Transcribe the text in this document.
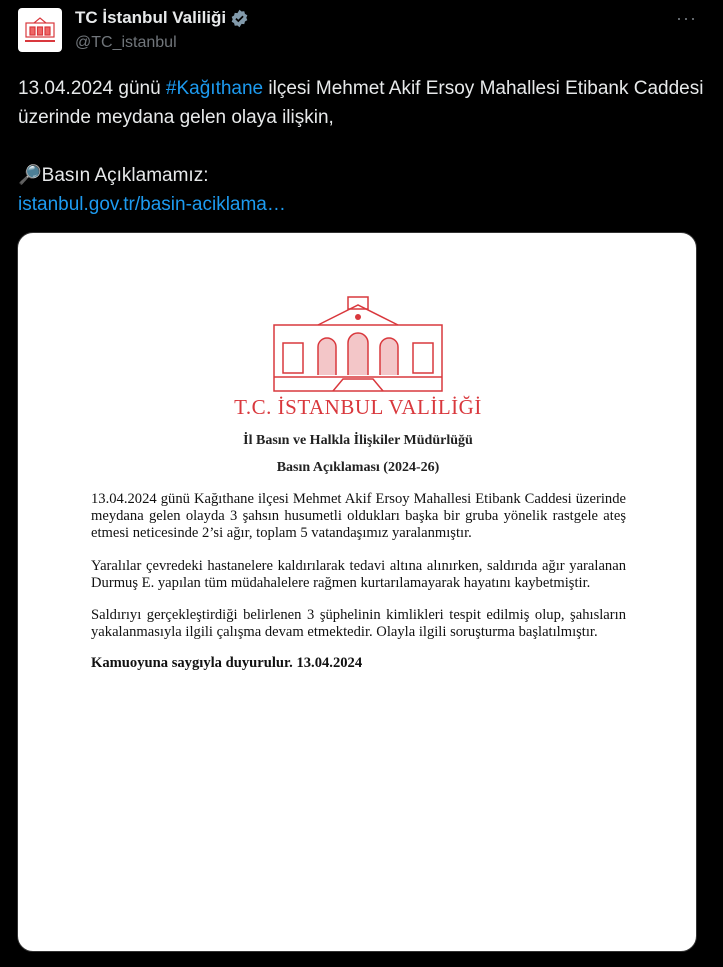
TC İstanbul Valiliği
@TC_istanbul
···
13.04.2024 günü #Kağıthane ilçesi Mehmet Akif Ersoy Mahallesi Etibank Caddesi üzerinde meydana gelen olaya ilişkin,

🔎Basın Açıklamamız:
istanbul.gov.tr/basin-aciklama…
T.C. İSTANBUL VALİLİĞİ
İl Basın ve Halkla İlişkiler Müdürlüğü
Basın Açıklaması (2024-26)
13.04.2024 günü Kağıthane ilçesi Mehmet Akif Ersoy Mahallesi Etibank Caddesi üzerinde meydana gelen olayda 3 şahsın husumetli oldukları başka bir gruba yönelik rastgele ateş etmesi neticesinde 2’si ağır, toplam 5 vatandaşımız yaralanmıştır.
Yaralılar çevredeki hastanelere kaldırılarak tedavi altına alınırken, saldırıda ağır yaralanan Durmuş E. yapılan tüm müdahalelere rağmen kurtarılamayarak hayatını kaybetmiştir.
Saldırıyı gerçekleştirdiği belirlenen 3 şüphelinin kimlikleri tespit edilmiş olup, şahısların yakalanmasıyla ilgili çalışma devam etmektedir. Olayla ilgili soruşturma başlatılmıştır.
Kamuoyuna saygıyla duyurulur. 13.04.2024
